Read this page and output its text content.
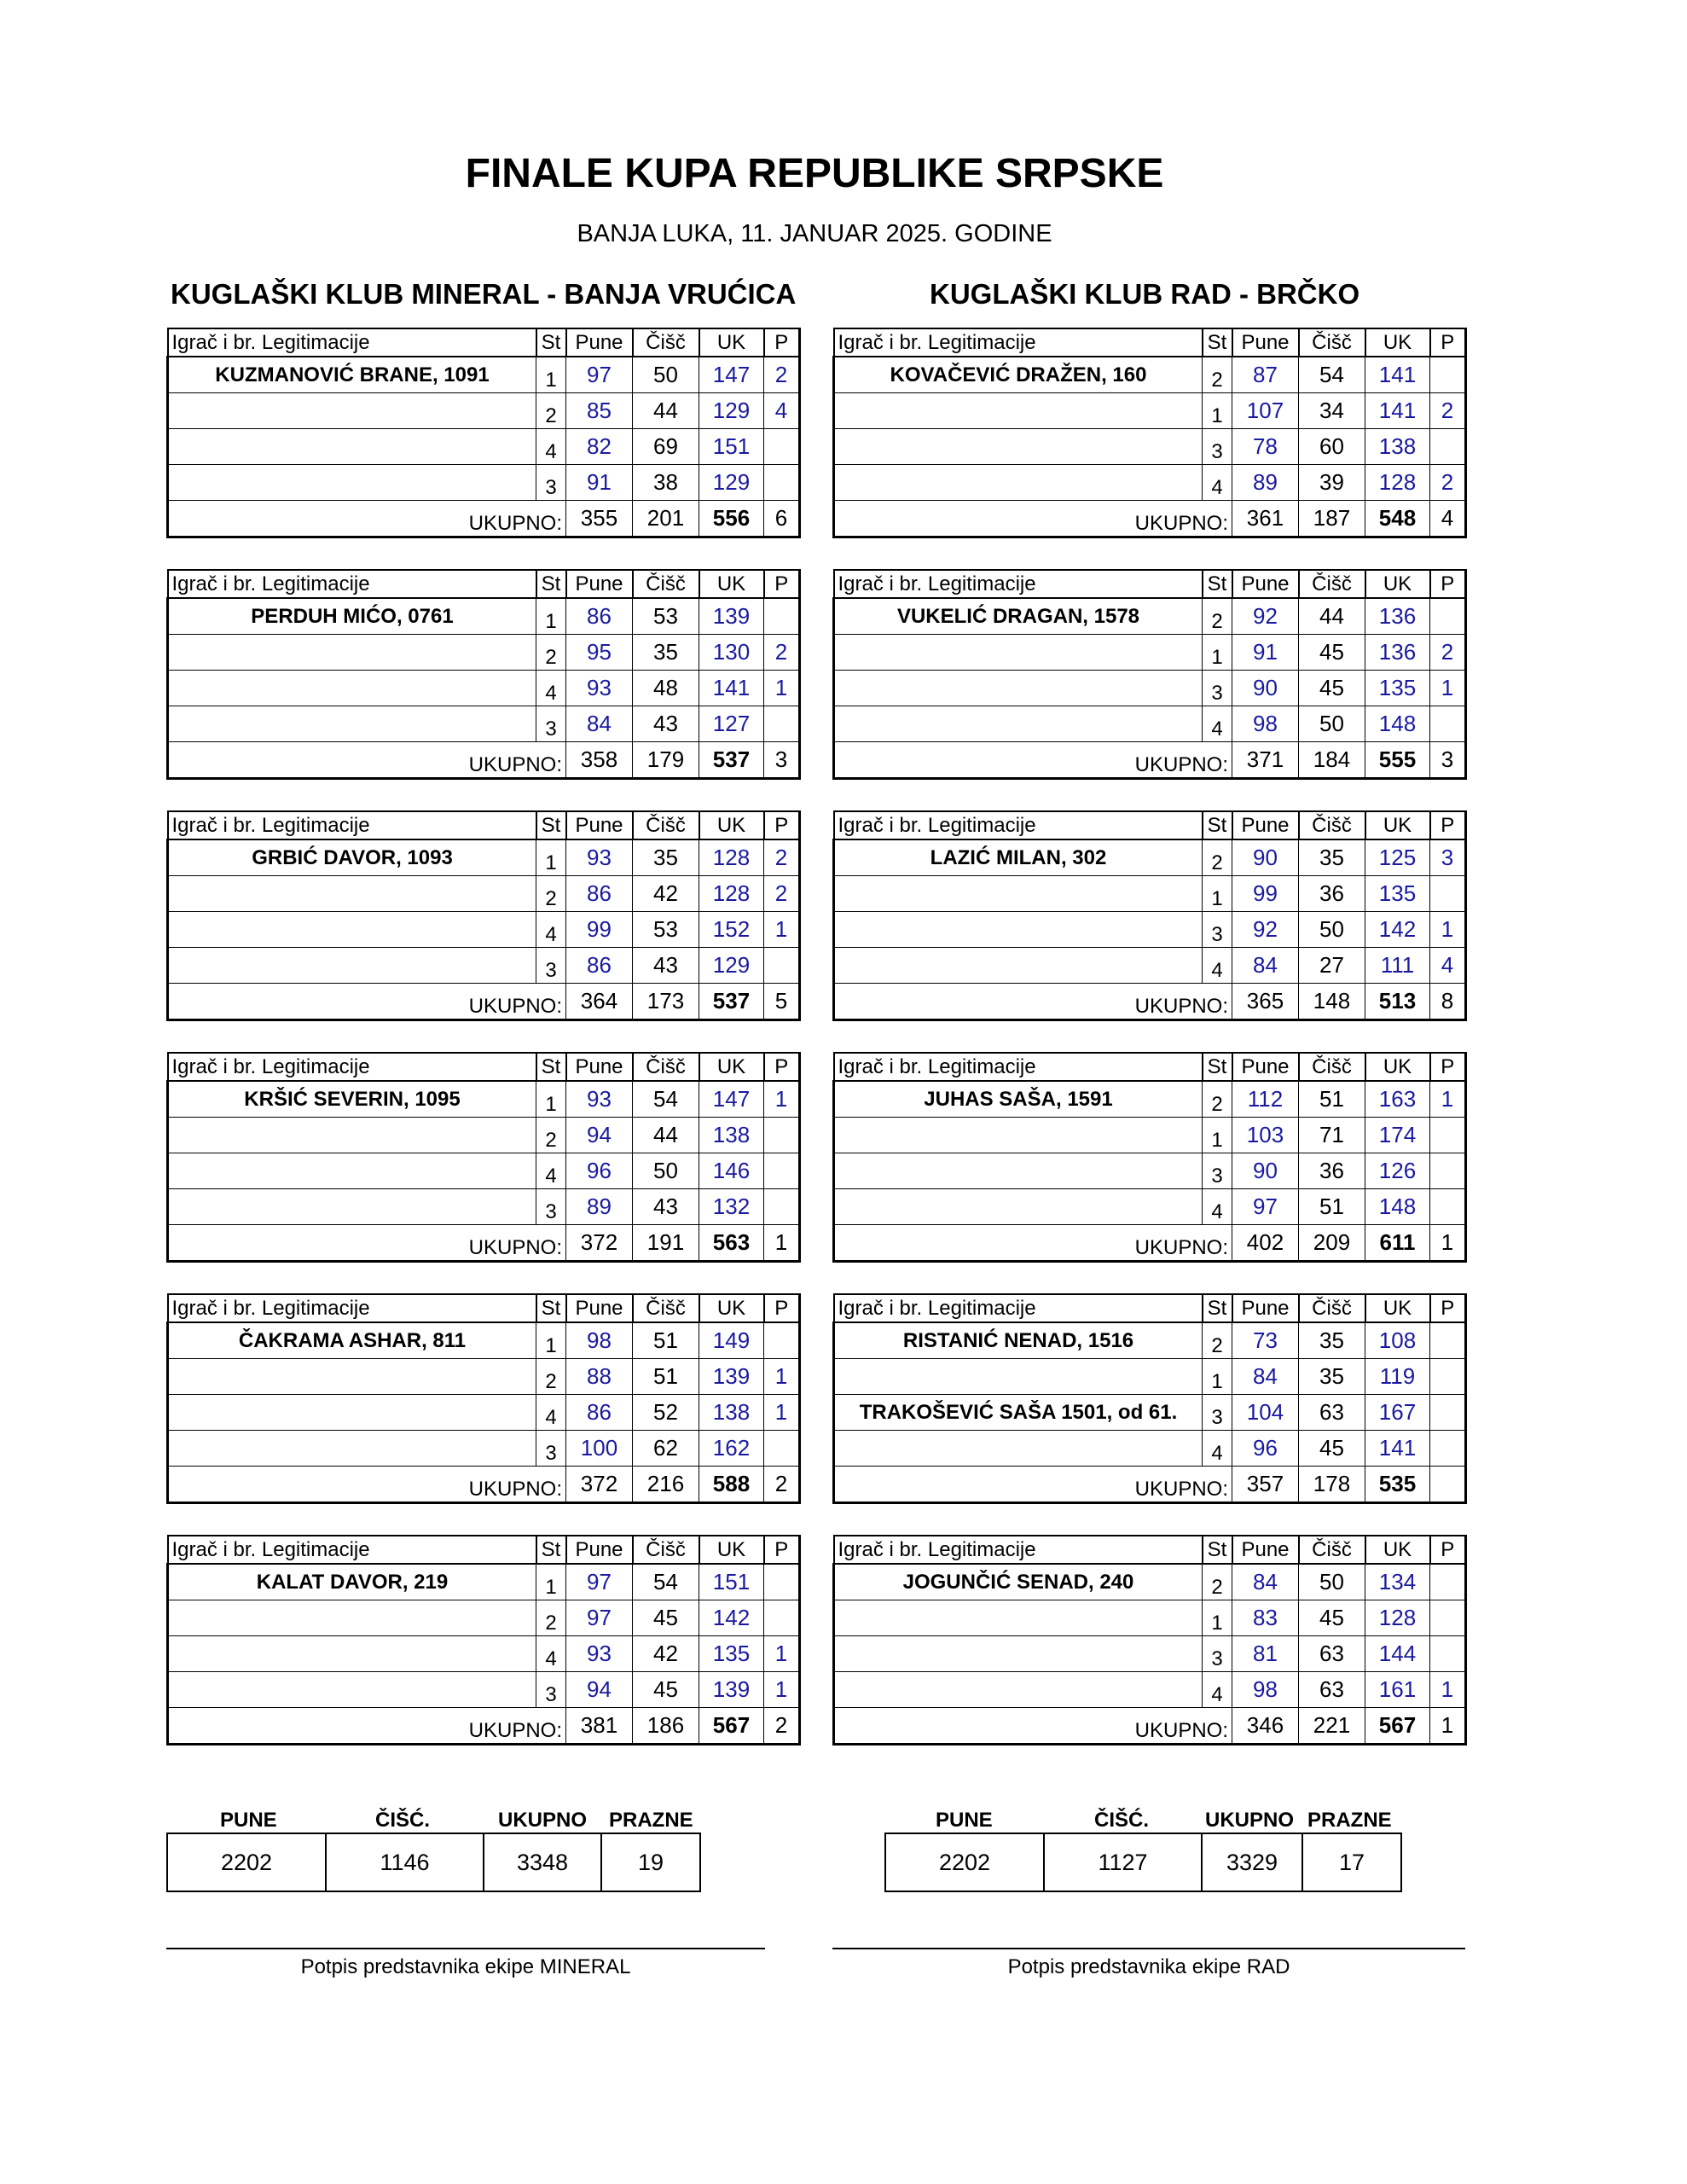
FINALE KUPA REPUBLIKE SRPSKE
BANJA LUKA, 11. JANUAR 2025. GODINE
KUGLAŠKI KLUB MINERAL - BANJA VRUĆICA	KUGLAŠKI KLUB RAD - BRČKO
Igrač i br. Legitimacije	St	Pune	Čišč	UK	P
KUZMANOVIĆ BRANE, 1091	1	97	50	147	2
	2	85	44	129	4
	4	82	69	151	
	3	91	38	129	
UKUPNO:		355	201	556	6
Igrač i br. Legitimacije	St	Pune	Čišč	UK	P
PERDUH MIĆO, 0761	1	86	53	139	
	2	95	35	130	2
	4	93	48	141	1
	3	84	43	127	
UKUPNO:		358	179	537	3
Igrač i br. Legitimacije	St	Pune	Čišč	UK	P
GRBIĆ DAVOR, 1093	1	93	35	128	2
	2	86	42	128	2
	4	99	53	152	1
	3	86	43	129	
UKUPNO:		364	173	537	5
Igrač i br. Legitimacije	St	Pune	Čišč	UK	P
KRŠIĆ SEVERIN, 1095	1	93	54	147	1
	2	94	44	138	
	4	96	50	146	
	3	89	43	132	
UKUPNO:		372	191	563	1
Igrač i br. Legitimacije	St	Pune	Čišč	UK	P
ČAKRAMA ASHAR, 811	1	98	51	149	
	2	88	51	139	1
	4	86	52	138	1
	3	100	62	162	
UKUPNO:		372	216	588	2
Igrač i br. Legitimacije	St	Pune	Čišč	UK	P
KALAT DAVOR, 219	1	97	54	151	
	2	97	45	142	
	4	93	42	135	1
	3	94	45	139	1
UKUPNO:		381	186	567	2
Igrač i br. Legitimacije	St	Pune	Čišč	UK	P
KOVAČEVIĆ DRAŽEN, 160	2	87	54	141	
	1	107	34	141	2
	3	78	60	138	
	4	89	39	128	2
UKUPNO:		361	187	548	4
Igrač i br. Legitimacije	St	Pune	Čišč	UK	P
VUKELIĆ DRAGAN, 1578	2	92	44	136	
	1	91	45	136	2
	3	90	45	135	1
	4	98	50	148	
UKUPNO:		371	184	555	3
Igrač i br. Legitimacije	St	Pune	Čišč	UK	P
LAZIĆ MILAN, 302	2	90	35	125	3
	1	99	36	135	
	3	92	50	142	1
	4	84	27	111	4
UKUPNO:		365	148	513	8
Igrač i br. Legitimacije	St	Pune	Čišč	UK	P
JUHAS SAŠA, 1591	2	112	51	163	1
	1	103	71	174	
	3	90	36	126	
	4	97	51	148	
UKUPNO:		402	209	611	1
Igrač i br. Legitimacije	St	Pune	Čišč	UK	P
RISTANIĆ NENAD, 1516	2	73	35	108	
	1	84	35	119	
TRAKOŠEVIĆ SAŠA 1501, od 61.	3	104	63	167	
	4	96	45	141	
UKUPNO:		357	178	535	
Igrač i br. Legitimacije	St	Pune	Čišč	UK	P
JOGUNČIĆ SENAD, 240	2	84	50	134	
	1	83	45	128	
	3	81	63	144	
	4	98	63	161	1
UKUPNO:		346	221	567	1
PUNE	ČIŠĆ.	UKUPNO PRAZNE
2202	1146	3348	19
PUNE	ČIŠĆ.	UKUPNO PRAZNE
2202	1127	3329	17
Potpis predstavnika ekipe MINERAL	Potpis predstavnika ekipe RAD
